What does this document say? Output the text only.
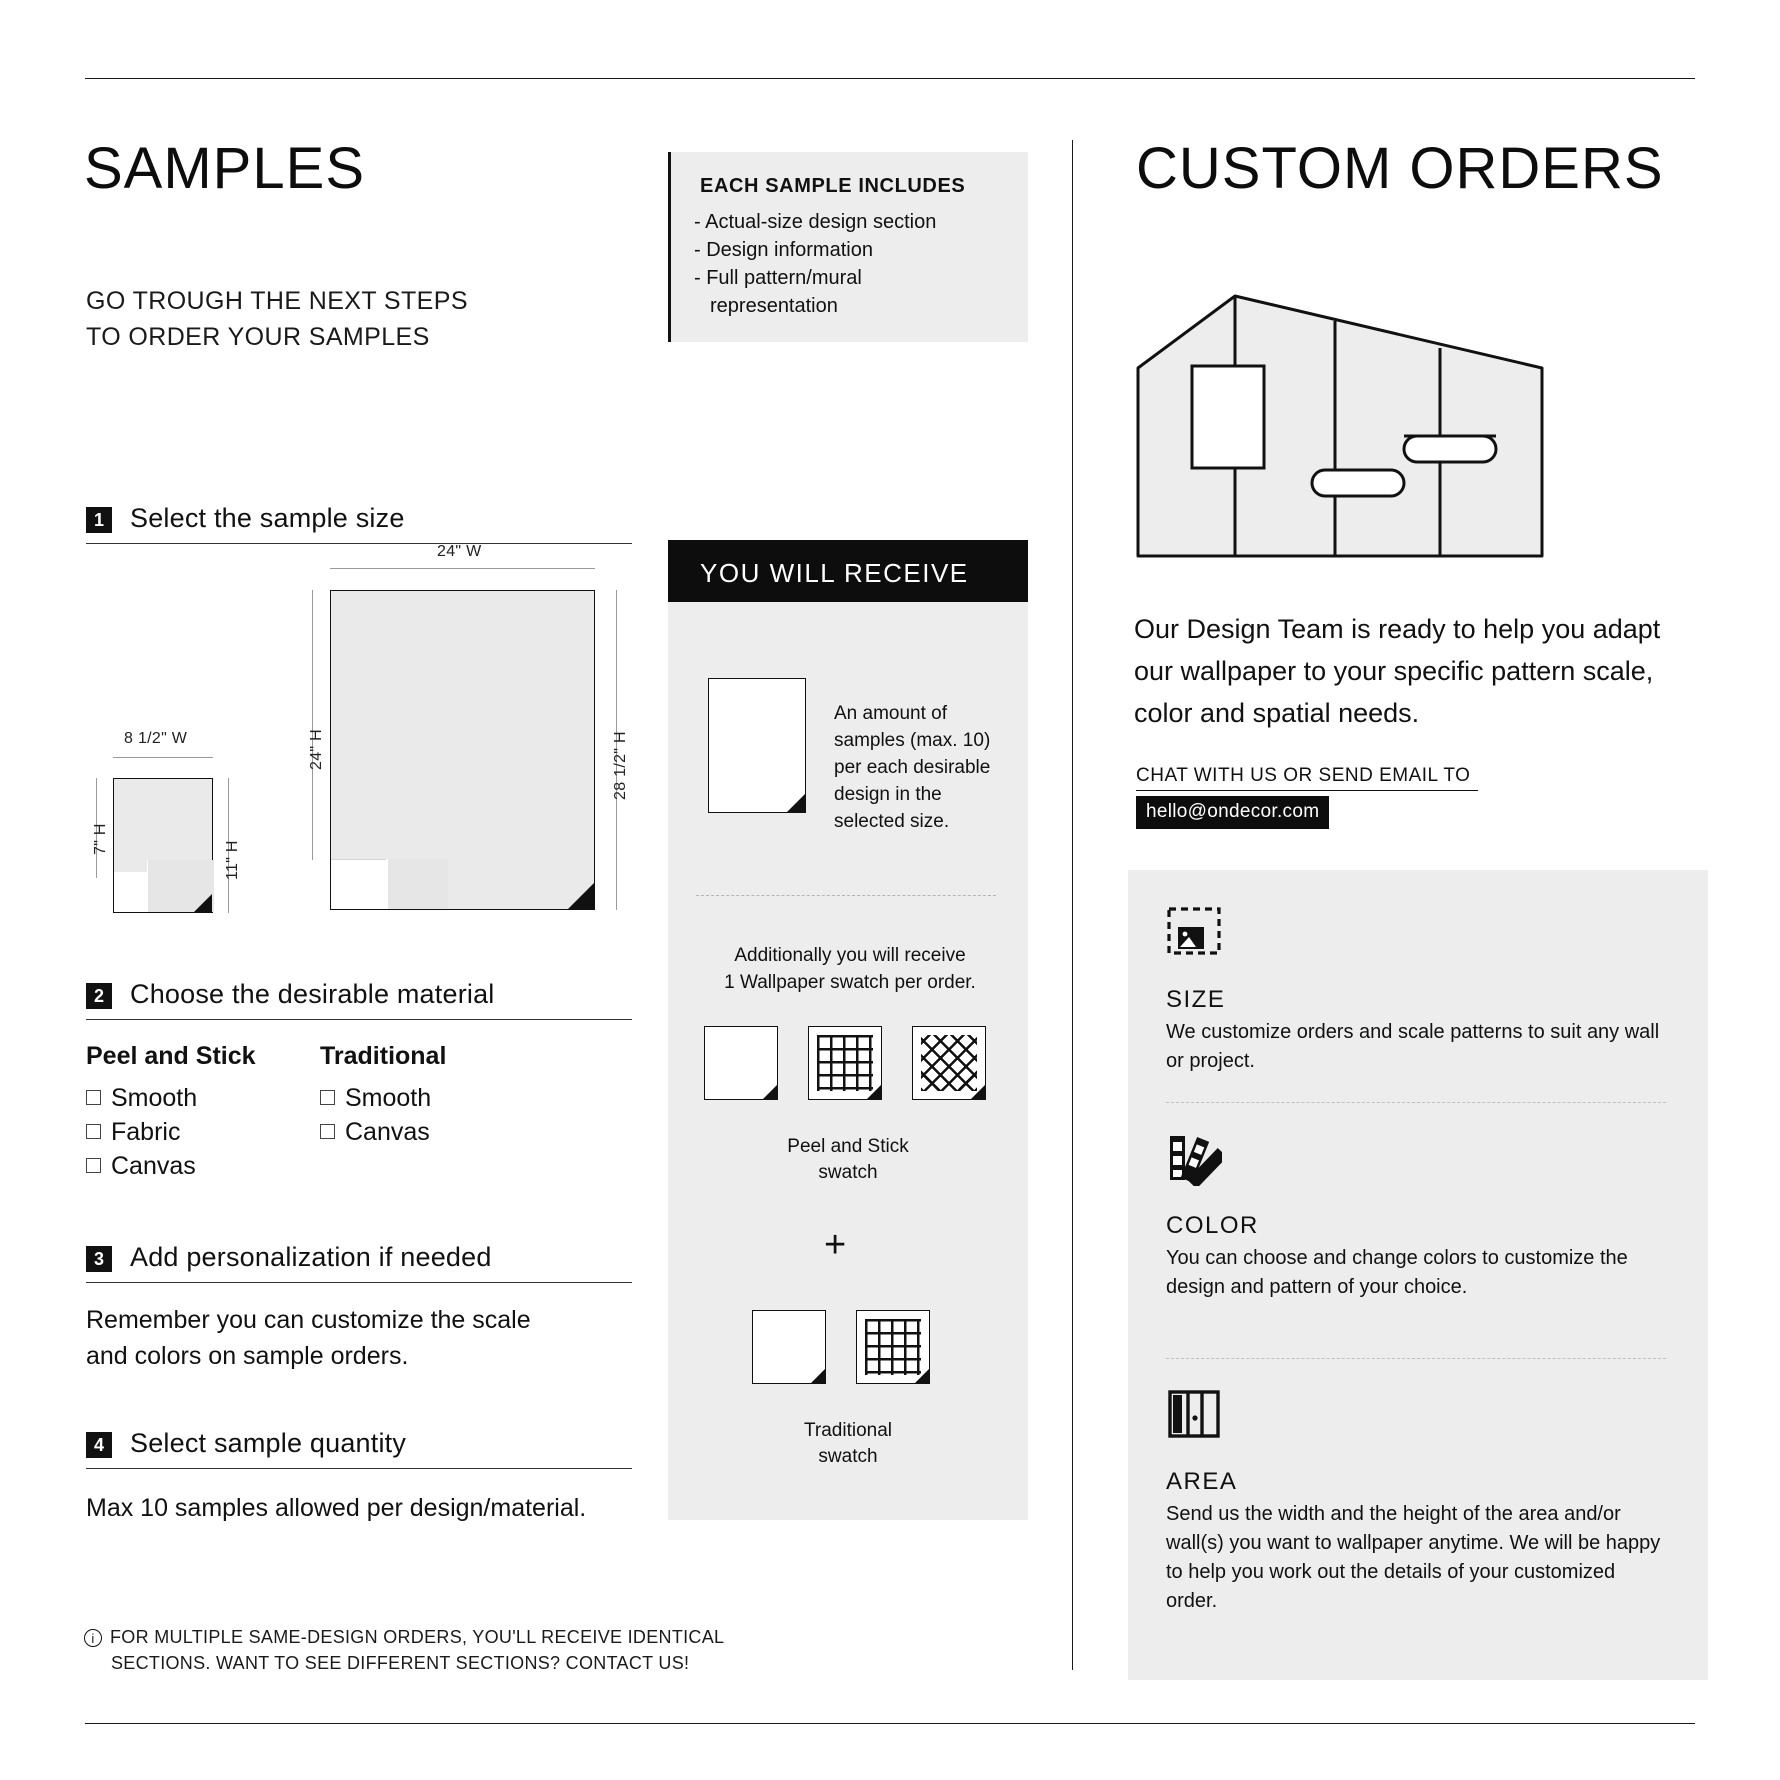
SAMPLES
GO TROUGH THE NEXT STEPS
TO ORDER YOUR SAMPLES
EACH SAMPLE INCLUDES
- Actual-size design section
- Design information
- Full pattern/mural
representation
1 Select the sample size
8 1/2" W
7" H
11" H
24" W
24" H	28 1/2" H
2 Choose the desirable material
Peel and Stick
Smooth
Fabric
Canvas
Traditional
Smooth
Canvas
3 Add personalization if needed
Remember you can customize the scale
and colors on sample orders.
4 Select sample quantity
Max 10 samples allowed per design/material.
i FOR MULTIPLE SAME-DESIGN ORDERS, YOU'LL RECEIVE IDENTICAL
SECTIONS. WANT TO SEE DIFFERENT SECTIONS? CONTACT US!
YOU WILL RECEIVE
An amount of samples (max. 10) per each desirable design in the selected size.
Additionally you will receive
1 Wallpaper swatch per order.
Peel and Stick
swatch
+
Traditional
swatch
CUSTOM ORDERS
Our Design Team is ready to help you adapt our wallpaper to your specific pattern scale, color and spatial needs.
CHAT WITH US OR SEND EMAIL TO
hello@ondecor.com
SIZE
We customize orders and scale patterns to suit any wall or project.
COLOR
You can choose and change colors to customize the design and pattern of your choice.
AREA
Send us the width and the height of the area and/or wall(s) you want to wallpaper anytime. We will be happy to help you work out the details of your customized order.
